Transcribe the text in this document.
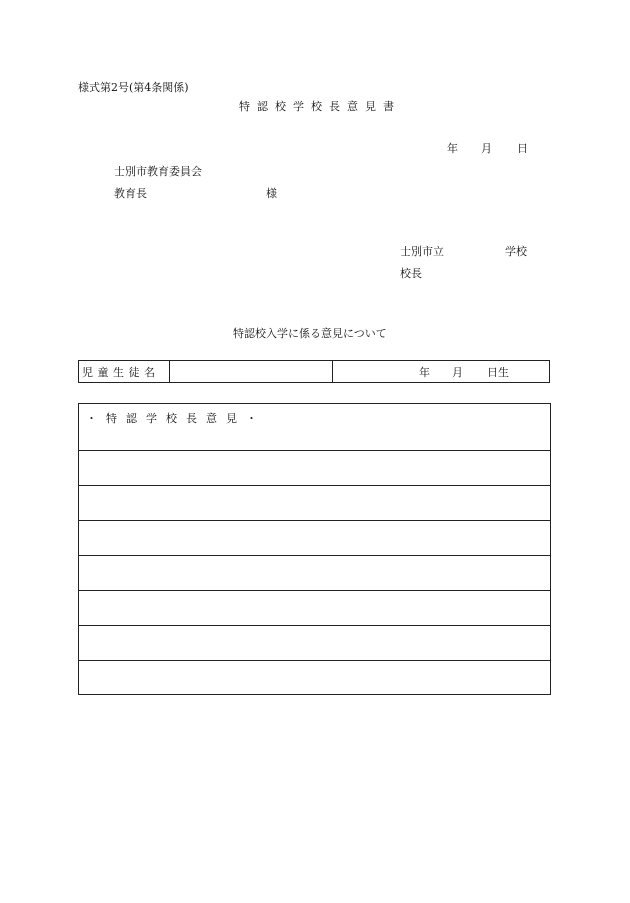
様式第2号(第4条関係)
特認校学校長意見書
年 月 日
士別市教育委員会
教育長	様
士別市立	学校
校長
特認校入学に係る意見について
児童生徒名	年 月 日生
・特認学校長意見・
